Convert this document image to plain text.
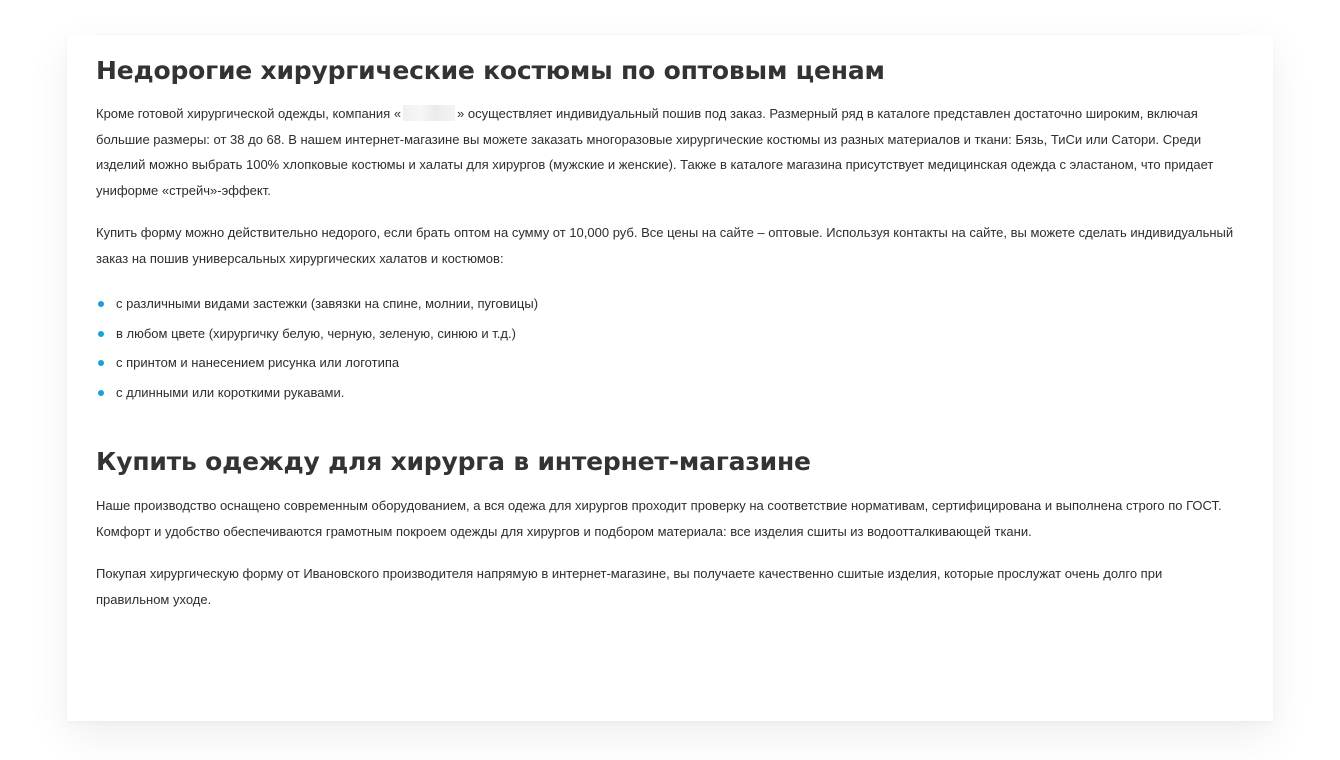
Недорогие хирургические костюмы по оптовым ценам

Кроме готовой хирургической одежды, компания «	» осуществляет индивидуальный пошив под заказ. Размерный ряд в каталоге представлен достаточно широким, включая большие размеры: от 38 до 68. В нашем интернет-магазине вы можете заказать многоразовые хирургические костюмы из разных материалов и ткани: Бязь, ТиСи или Сатори. Среди изделий можно выбрать 100% хлопковые костюмы и халаты для хирургов (мужские и женские). Также в каталоге магазина присутствует медицинская одежда с эластаном, что придает униформе «стрейч»-эффект.

Купить форму можно действительно недорого, если брать оптом на сумму от 10,000 руб. Все цены на сайте – оптовые. Используя контакты на сайте, вы можете сделать индивидуальный заказ на пошив универсальных хирургических халатов и костюмов:

с различными видами застежки (завязки на спине, молнии, пуговицы)
в любом цвете (хирургичку белую, черную, зеленую, синюю и т.д.)
с принтом и нанесением рисунка или логотипа
с длинными или короткими рукавами.
Купить одежду для хирурга в интернет-магазине

Наше производство оснащено современным оборудованием, а вся одежа для хирургов проходит проверку на соответствие нормативам, сертифицирована и выполнена строго по ГОСТ. Комфорт и удобство обеспечиваются грамотным покроем одежды для хирургов и подбором материала: все изделия сшиты из водоотталкивающей ткани.

Покупая хирургическую форму от Ивановского производителя напрямую в интернет-магазине, вы получаете качественно сшитые изделия, которые прослужат очень долго при правильном уходе.
